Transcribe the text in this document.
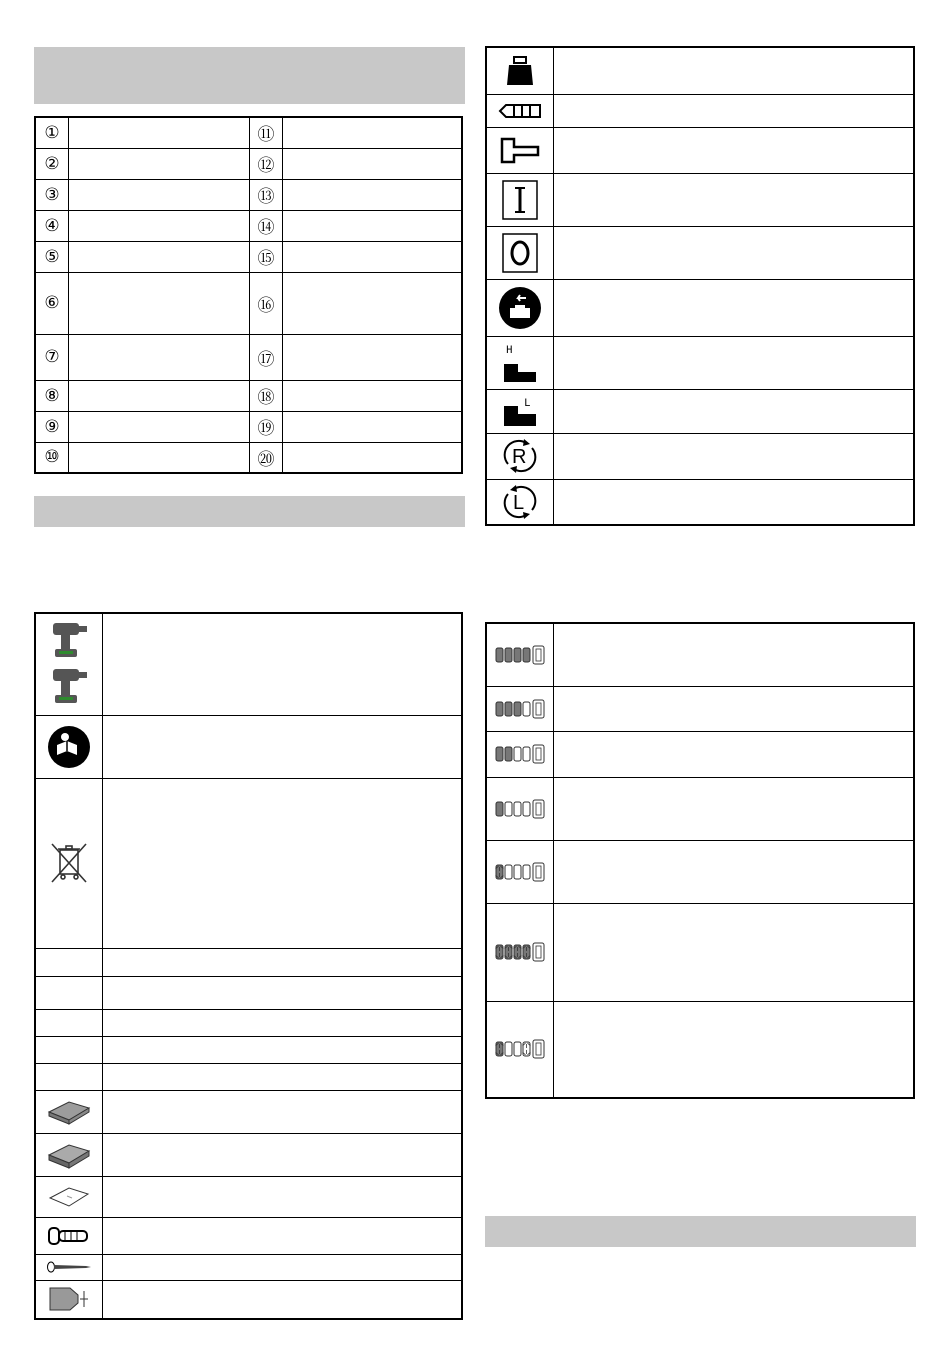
①		⑪	
②		⑫	
③		⑬	
④		⑭	
⑤		⑮	
⑥		⑯	
⑦		⑰	
⑧		⑱	
⑨		⑲	
⑩		⑳	

H	

L	

R	

L	
